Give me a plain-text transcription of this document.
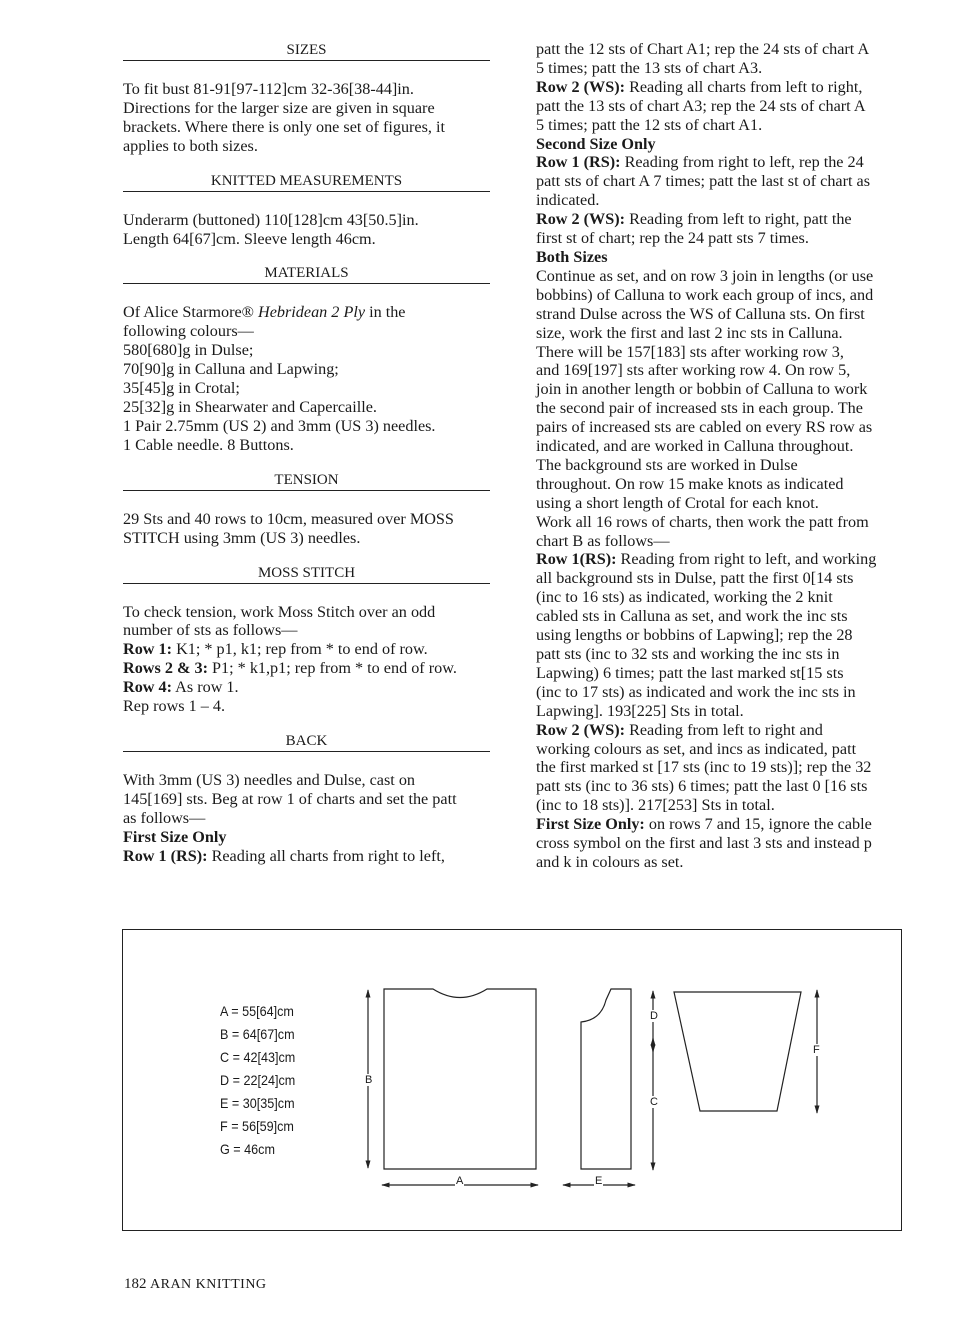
SIZES
To fit bust 81-91[97-112]cm 32-36[38-44]in.
Directions for the larger size are given in square
brackets. Where there is only one set of figures, it
applies to both sizes.
KNITTED MEASUREMENTS
Underarm (buttoned) 110[128]cm 43[50.5]in.
Length 64[67]cm. Sleeve length 46cm.
MATERIALS
Of Alice Starmore® Hebridean 2 Ply in the
following colours—
580[680]g in Dulse;
70[90]g in Calluna and Lapwing;
35[45]g in Crotal;
25[32]g in Shearwater and Capercaille.
1 Pair 2.75mm (US 2) and 3mm (US 3) needles.
1 Cable needle. 8 Buttons.
TENSION
29 Sts and 40 rows to 10cm, measured over MOSS
STITCH using 3mm (US 3) needles.
MOSS STITCH
To check tension, work Moss Stitch over an odd
number of sts as follows—
Row 1: K1; * p1, k1; rep from * to end of row.
Rows 2 & 3: P1; * k1,p1; rep from * to end of row.
Row 4: As row 1.
Rep rows 1 – 4.
BACK
With 3mm (US 3) needles and Dulse, cast on
145[169] sts. Beg at row 1 of charts and set the patt
as follows—
First Size Only
Row 1 (RS): Reading all charts from right to left,
patt the 12 sts of Chart A1; rep the 24 sts of chart A
5 times; patt the 13 sts of chart A3.
Row 2 (WS): Reading all charts from left to right,
patt the 13 sts of chart A3; rep the 24 sts of chart A
5 times; patt the 12 sts of chart A1.
Second Size Only
Row 1 (RS): Reading from right to left, rep the 24
patt sts of chart A 7 times; patt the last st of chart as
indicated.
Row 2 (WS): Reading from left to right, patt the
first st of chart; rep the 24 patt sts 7 times.
Both Sizes
Continue as set, and on row 3 join in lengths (or use
bobbins) of Calluna to work each group of incs, and
strand Dulse across the WS of Calluna sts. On first
size, work the first and last 2 inc sts in Calluna.
There will be 157[183] sts after working row 3,
and 169[197] sts after working row 4. On row 5,
join in another length or bobbin of Calluna to work
the second pair of increased sts in each group. The
pairs of increased sts are cabled on every RS row as
indicated, and are worked in Calluna throughout.
The background sts are worked in Dulse
throughout. On row 15 make knots as indicated
using a short length of Crotal for each knot.
Work all 16 rows of charts, then work the patt from
chart B as follows—
Row 1(RS): Reading from right to left, and working
all background sts in Dulse, patt the first 0[14 sts
(inc to 16 sts) as indicated, working the 2 knit
cabled sts in Calluna as set, and work the inc sts
using lengths or bobbins of Lapwing]; rep the 28
patt sts (inc to 32 sts and working the inc sts in
Lapwing) 6 times; patt the last marked st[15 sts
(inc to 17 sts) as indicated and work the inc sts in
Lapwing]. 193[225] Sts in total.
Row 2 (WS): Reading from left to right and
working colours as set, and incs as indicated, patt
the first marked st [17 sts (inc to 19 sts)]; rep the 32
patt sts (inc to 36 sts) 6 times; patt the last 0 [16 sts
(inc to 18 sts)]. 217[253] Sts in total.
First Size Only: on rows 7 and 15, ignore the cable
cross symbol on the first and last 3 sts and instead p
and k in colours as set.
A = 55[64]cm
B = 64[67]cm
C = 42[43]cm
D = 22[24]cm
E = 30[35]cm
F = 56[59]cm
G = 46cm
B
A	E
D
C
F
182 ARAN KNITTING
